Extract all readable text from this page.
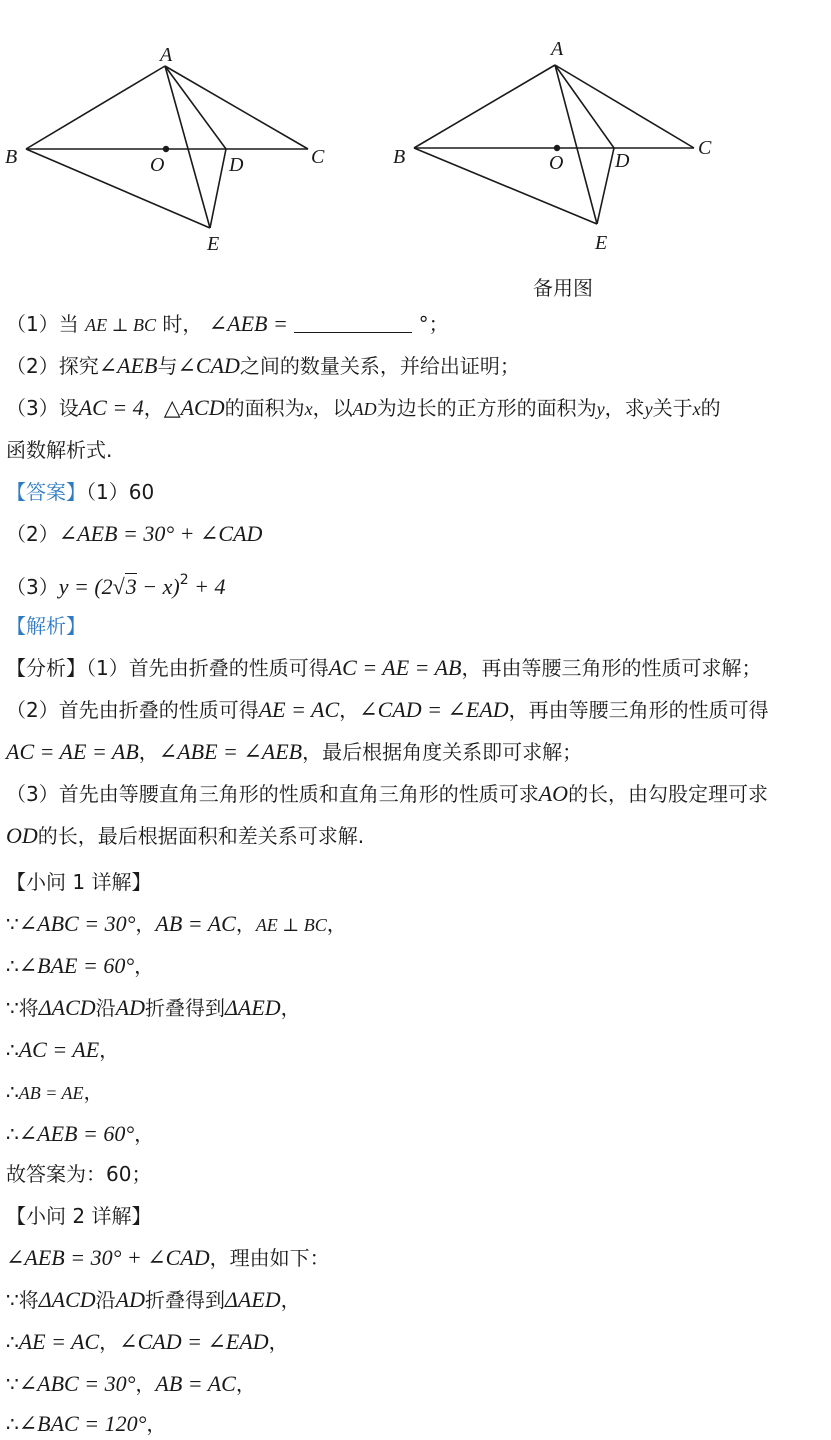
A
B	C
O	D
E
A
B	C
O	D
E
备用图
（1）当 AE ⊥ BC 时， ∠AEB =	°；
（2）探究∠AEB与∠CAD之间的数量关系，并给出证明；
（3）设AC = 4，△ACD的面积为x，以AD为边长的正方形的面积为y，求y关于x的
函数解析式.
【答案】（1）60
（2）∠AEB = 30° + ∠CAD
$(3)y = (2√3 - x)^2 + 4$
【解析】
【分析】（1）首先由折叠的性质可得AC = AE = AB，再由等腰三角形的性质可求解；
（2）首先由折叠的性质可得AE = AC，∠CAD = ∠EAD，再由等腰三角形的性质可得
AC = AE = AB，∠ABE = ∠AEB，最后根据角度关系即可求解；
（3）首先由等腰直角三角形的性质和直角三角形的性质可求AO的长，由勾股定理可求
OD的长，最后根据面积和差关系可求解.
【小问 1 详解】
∵∠ABC = 30°，AB = AC，AE ⊥ BC，
∴∠BAE = 60°，
∵将ΔACD沿AD折叠得到ΔAED，
∴AC = AE，
∴AB = AE，
∴∠AEB = 60°，
故答案为：60；
【小问 2 详解】
∠AEB = 30° + ∠CAD，理由如下：
∵将ΔACD沿AD折叠得到ΔAED，
∴AE = AC，∠CAD = ∠EAD，
∵∠ABC = 30°，AB = AC，
∴∠BAC = 120°，
